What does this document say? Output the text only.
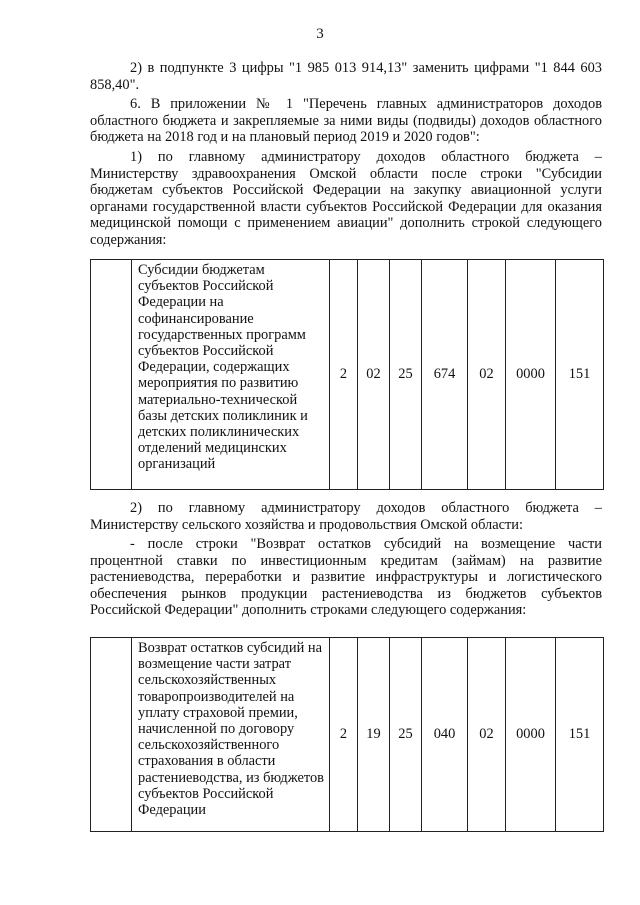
3

2) в подпункте 3 цифры "1 985 013 914,13" заменить цифрами "1 844 603 858,40".

6. В приложении № 1 "Перечень главных администраторов доходов областного бюджета и закрепляемые за ними виды (подвиды) доходов областного бюджета на 2018 год и на плановый период 2019 и 2020 годов":

1) по главному администратору доходов областного бюджета – Министерству здравоохранения Омской области после строки "Субсидии бюджетам субъектов Российской Федерации на закупку авиационной услуги органами государственной власти субъектов Российской Федерации для оказания медицинской помощи с применением авиации" дополнить строкой следующего содержания:

	Субсидии бюджетам субъектов Российской Федерации на софинансирование государственных программ субъектов Российской Федерации, содержащих мероприятия по развитию материально-технической базы детских поликлиник и детских поликлинических отделений медицинских организаций	2	02	25	674	02	0000	151

2) по главному администратору доходов областного бюджета – Министерству сельского хозяйства и продовольствия Омской области:

- после строки "Возврат остатков субсидий на возмещение части процентной ставки по инвестиционным кредитам (займам) на развитие растениеводства, переработки и развитие инфраструктуры и логистического обеспечения рынков продукции растениеводства из бюджетов субъектов Российской Федерации" дополнить строками следующего содержания:

	Возврат остатков субсидий на возмещение части затрат сельскохозяйственных товаропроизводителей на уплату страховой премии, начисленной по договору сельскохозяйственного страхования в области растениеводства, из бюджетов субъектов Российской Федерации	2	19	25	040	02	0000	151
